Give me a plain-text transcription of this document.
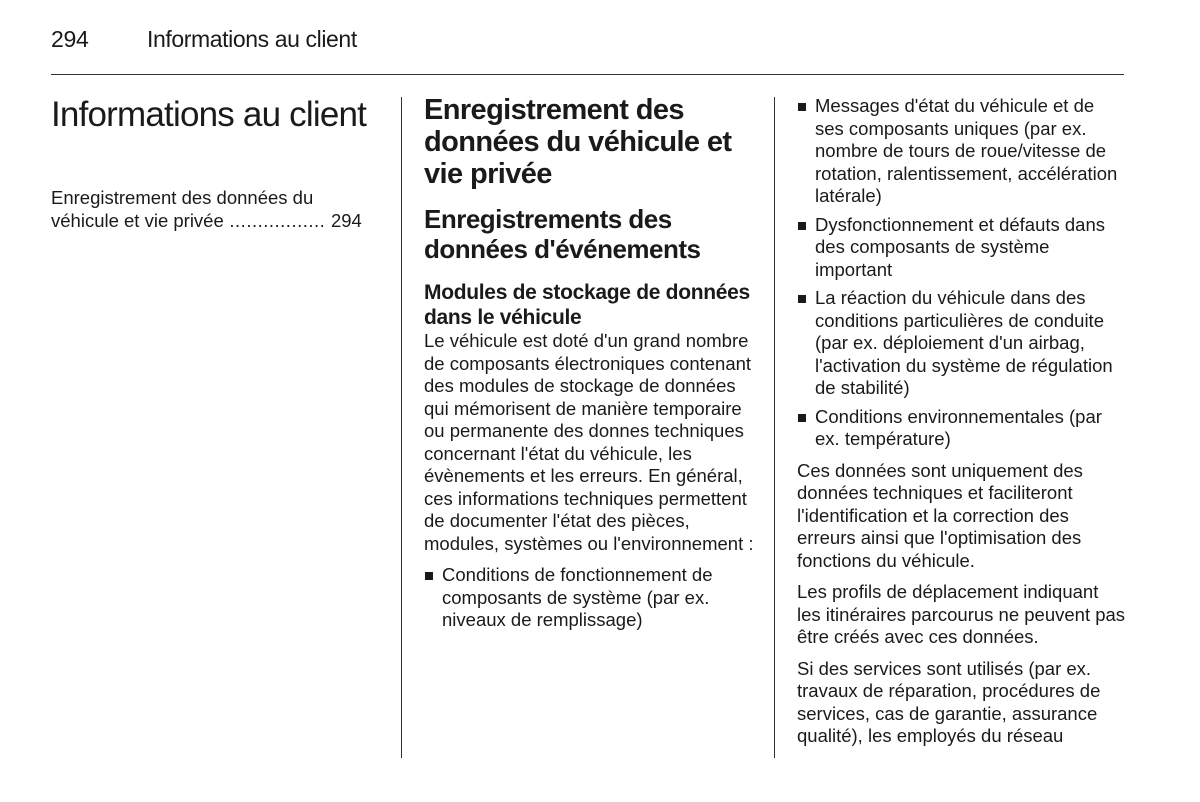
294	Informations au client
Informations au client
Enregistrement des données du
véhicule et vie privée ................. 294
Enregistrement des données du véhicule et vie privée
Enregistrements des données d'événements
Modules de stockage de données dans le véhicule

Le véhicule est doté d'un grand nombre de composants électroniques contenant des modules de stockage de données qui mémorisent de manière temporaire ou permanente des donnes techniques concernant l'état du véhicule, les évènements et les erreurs. En général, ces informations techniques permettent de documenter l'état des pièces, modules, systèmes ou l'environnement :

Conditions de fonctionnement de composants de système (par ex. niveaux de remplissage)
Messages d'état du véhicule et de ses composants uniques (par ex. nombre de tours de roue/vitesse de rotation, ralentissement, accélération latérale)
Dysfonctionnement et défauts dans des composants de système important
La réaction du véhicule dans des conditions particulières de conduite (par ex. déploiement d'un airbag, l'activation du système de régulation de stabilité)
Conditions environnementales (par ex. température)

Ces données sont uniquement des données techniques et faciliteront l'identification et la correction des erreurs ainsi que l'optimisation des fonctions du véhicule.

Les profils de déplacement indiquant les itinéraires parcourus ne peuvent pas être créés avec ces données.

Si des services sont utilisés (par ex. travaux de réparation, procédures de services, cas de garantie, assurance qualité), les employés du réseau
